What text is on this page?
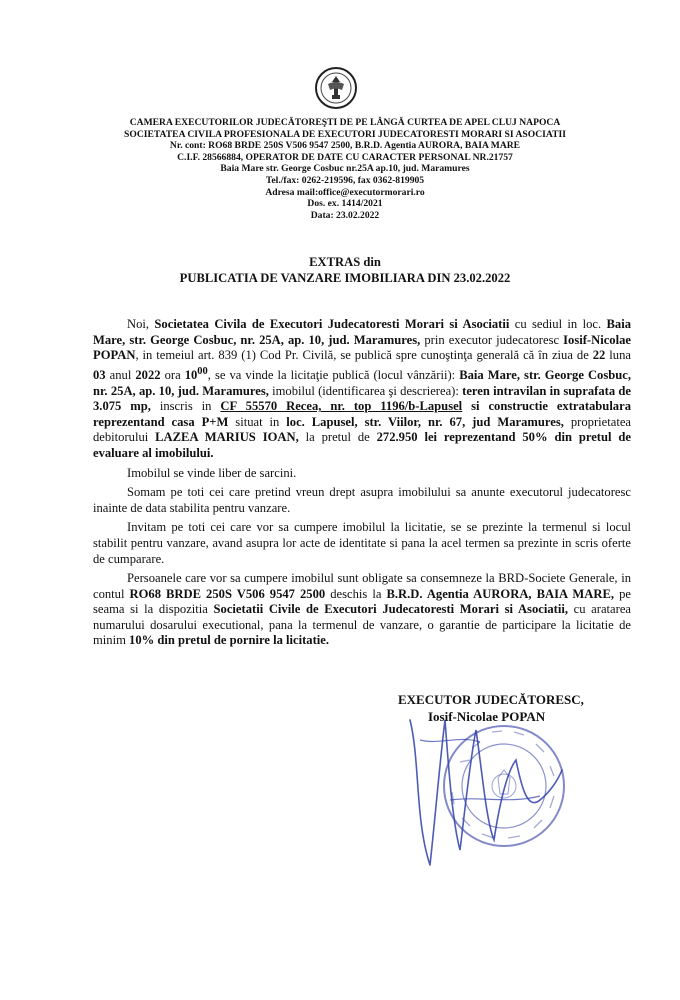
CAMERA EXECUTORILOR JUDECĂTOREŞTI DE PE LÂNGĂ CURTEA DE APEL CLUJ NAPOCA
SOCIETATEA CIVILA PROFESIONALA DE EXECUTORI JUDECATORESTI MORARI SI ASOCIATII
Nr. cont: RO68 BRDE 250S V506 9547 2500, B.R.D. Agentia AURORA, BAIA MARE
C.I.F. 28566884, OPERATOR DE DATE CU CARACTER PERSONAL NR.21757
Baia Mare str. George Cosbuc nr.25A ap.10, jud. Maramures
Tel./fax: 0262-219596, fax 0362-819905
Adresa mail:office@executormorari.ro
Dos. ex. 1414/2021
Data: 23.02.2022
EXTRAS din
PUBLICATIA DE VANZARE IMOBILIARA DIN 23.02.2022

Noi, Societatea Civila de Executori Judecatoresti Morari si Asociatii cu sediul in loc. Baia Mare, str. George Cosbuc, nr. 25A, ap. 10, jud. Maramures, prin executor judecatoresc Iosif-Nicolae POPAN, in temeiul art. 839 (1) Cod Pr. Civilă, se publică spre cunoştinţa generală că în ziua de 22 luna 03 anul 2022 ora $10^{00}$, se va vinde la licitaţie publică (locul vânzării): Baia Mare, str. George Cosbuc, nr. 25A, ap. 10, jud. Maramures, imobilul (identificarea şi descrierea): teren intravilan in suprafata de 3.075 mp, inscris in CF 55570 Recea, nr. top 1196/b-Lapusel si constructie extratabulara reprezentand casa P+M situat in loc. Lapusel, str. Viilor, nr. 67, jud Maramures, proprietatea debitorului LAZEA MARIUS IOAN, la pretul de 272.950 lei reprezentand 50% din pretul de evaluare al imobilului.

Imobilul se vinde liber de sarcini.

Somam pe toti cei care pretind vreun drept asupra imobilului sa anunte executorul judecatoresc inainte de data stabilita pentru vanzare.

Invitam pe toti cei care vor sa cumpere imobilul la licitatie, se se prezinte la termenul si locul stabilit pentru vanzare, avand asupra lor acte de identitate si pana la acel termen sa prezinte in scris oferte de cumparare.

Persoanele care vor sa cumpere imobilul sunt obligate sa consemneze la BRD-Societe Generale, in contul RO68 BRDE 250S V506 9547 2500 deschis la B.R.D. Agentia AURORA, BAIA MARE, pe seama si la dispozitia Societatii Civile de Executori Judecatoresti Morari si Asociatii, cu aratarea numarului dosarului executional, pana la termenul de vanzare, o garantie de participare la licitatie de minim 10% din pretul de pornire la licitatie.

EXECUTOR JUDECĂTORESC,
Iosif-Nicolae POPAN
